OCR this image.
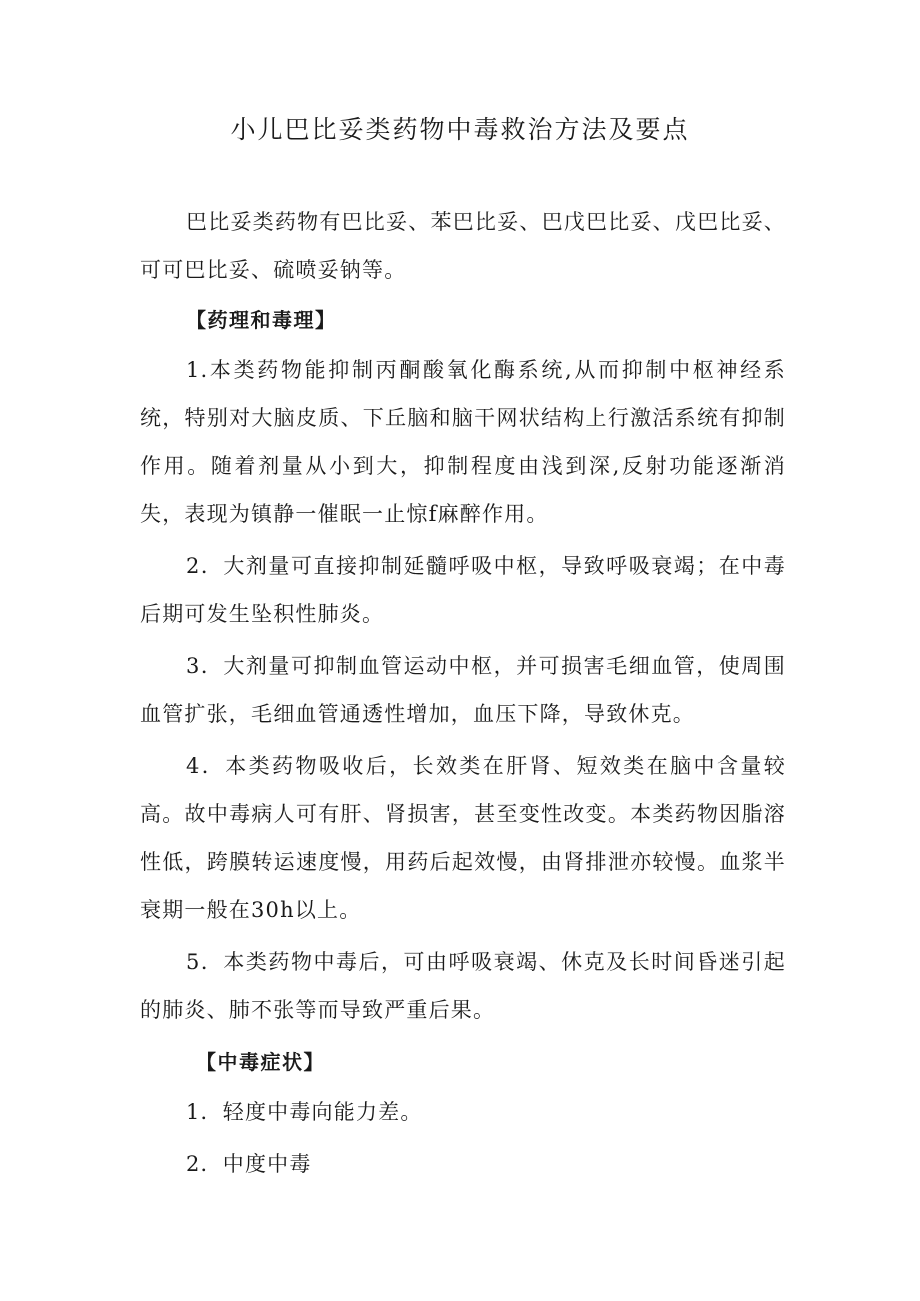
小儿巴比妥类药物中毒救治方法及要点

巴比妥类药物有巴比妥、苯巴比妥、巴戊巴比妥、戊巴比妥、可可巴比妥、硫喷妥钠等。

【药理和毒理】

1.本类药物能抑制丙酮酸氧化酶系统,从而抑制中枢神经系统，特别对大脑皮质、下丘脑和脑干网状结构上行激活系统有抑制作用。随着剂量从小到大，抑制程度由浅到深,反射功能逐渐消失，表现为镇静一催眠一止惊f麻醉作用。

2．大剂量可直接抑制延髓呼吸中枢，导致呼吸衰竭；在中毒后期可发生坠积性肺炎。

3．大剂量可抑制血管运动中枢，并可损害毛细血管，使周围血管扩张，毛细血管通透性增加，血压下降，导致休克。

4．本类药物吸收后，长效类在肝肾、短效类在脑中含量较高。故中毒病人可有肝、肾损害，甚至变性改变。本类药物因脂溶性低，跨膜转运速度慢，用药后起效慢，由肾排泄亦较慢。血浆半衰期一般在30h以上。

5．本类药物中毒后，可由呼吸衰竭、休克及长时间昏迷引起的肺炎、肺不张等而导致严重后果。

【中毒症状】

1．轻度中毒向能力差。

2．中度中毒
